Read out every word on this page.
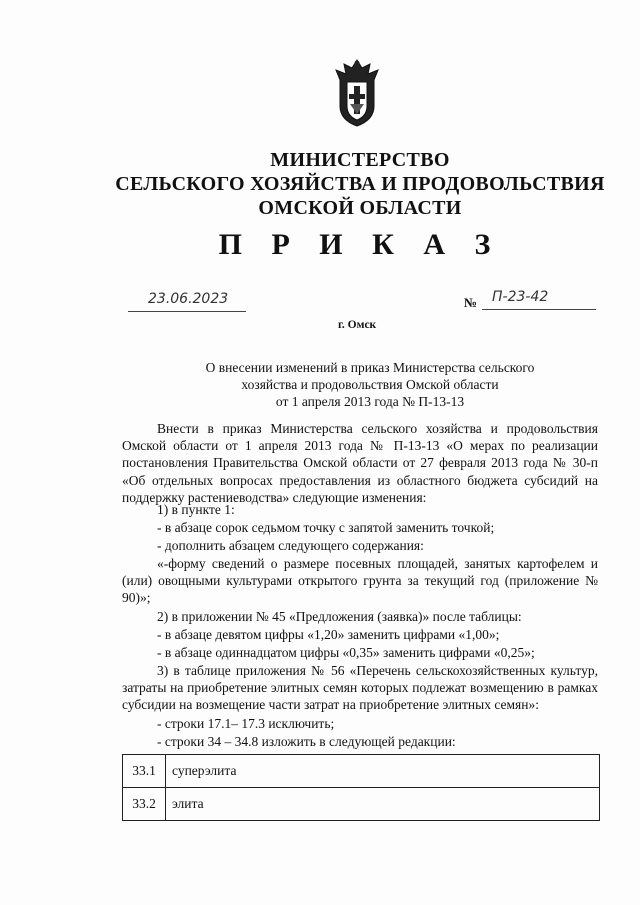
МИНИСТЕРСТВО
СЕЛЬСКОГО ХОЗЯЙСТВА И ПРОДОВОЛЬСТВИЯ
ОМСКОЙ ОБЛАСТИ
П Р И К А З
23.06.2023	№ П-23-42
г. Омск
О внесении изменений в приказ Министерства сельского
хозяйства и продовольствия Омской области
от 1 апреля 2013 года № П-13-13
Внести в приказ Министерства сельского хозяйства и продовольствия Омской области от 1 апреля 2013 года № П-13-13 «О мерах по реализации постановления Правительства Омской области от 27 февраля 2013 года № 30-п «Об отдельных вопросах предоставления из областного бюджета субсидий на поддержку растениеводства» следующие изменения:
1) в пункте 1:
- в абзаце сорок седьмом точку с запятой заменить точкой;
- дополнить абзацем следующего содержания:
«-форму сведений о размере посевных площадей, занятых картофелем и (или) овощными культурами открытого грунта за текущий год (приложение № 90)»;
2) в приложении № 45 «Предложения (заявка)» после таблицы:
- в абзаце девятом цифры «1,20» заменить цифрами «1,00»;
- в абзаце одиннадцатом цифры «0,35» заменить цифрами «0,25»;
3) в таблице приложения № 56 «Перечень сельскохозяйственных культур, затраты на приобретение элитных семян которых подлежат возмещению в рамках субсидии на возмещение части затрат на приобретение элитных семян»:
- строки 17.1– 17.3 исключить;
- строки 34 – 34.8 изложить в следующей редакции:
33.1	суперэлита
33.2	элита
